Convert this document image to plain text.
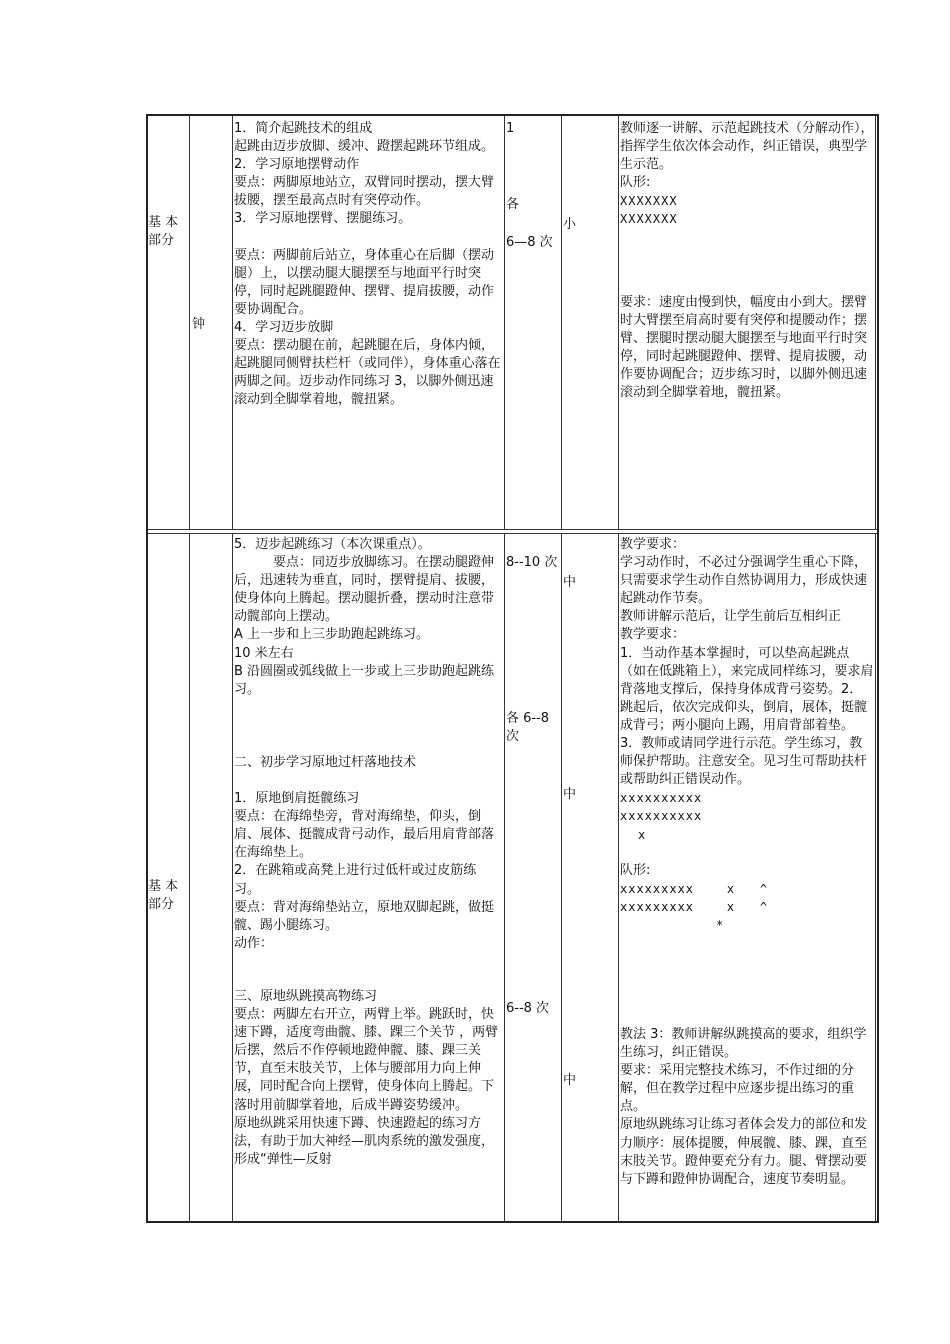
基 本

部分

钟

1．简介起跳技术的组成

起跳由迈步放脚、缓冲、蹬摆起跳环节组成。

2．学习原地摆臂动作

要点：两脚原地站立，双臂同时摆动，摆大臂拔腰，摆至最高点时有突停动作。

3．学习原地摆臂、摆腿练习。

要点：两脚前后站立，身体重心在后脚（摆动腿）上，以摆动腿大腿摆至与地面平行时突停，同时起跳腿蹬伸、摆臂、提肩拔腰，动作要协调配合。

4．学习迈步放脚

要点：摆动腿在前，起跳腿在后，身体内倾，起跳腿同侧臂扶栏杆（或同伴），身体重心落在两脚之间。迈步动作同练习 3，以脚外侧迅速滚动到全脚掌着地，髋扭紧。

1
各
6—8 次
小

教师逐一讲解、示范起跳技术（分解动作），指挥学生依次体会动作，纠正错误，典型学生示范。

队形:

XXXXXXX

XXXXXXX

要求：速度由慢到快，幅度由小到大。摆臂时大臂摆至肩高时要有突停和提腰动作；摆臂、摆腿时摆动腿大腿摆至与地面平行时突停，同时起跳腿蹬伸、摆臂、提肩拔腰，动作要协调配合；迈步练习时，以脚外侧迅速滚动到全脚掌着地，髋扭紧。

基 本

部分

5．迈步起跳练习（本次课重点）。

要点：同迈步放脚练习。在摆动腿蹬伸后，迅速转为垂直，同时，摆臂提肩、拔腰，使身体向上腾起。摆动腿折叠，摆动时注意带动髋部向上摆动。

A 上一步和上三步助跑起跳练习。

10 米左右

B 沿圆圈或弧线做上一步或上三步助跑起跳练习。

二、初步学习原地过杆落地技术

1．原地倒肩挺髋练习

要点：在海绵垫旁，背对海绵垫，仰头，倒肩、展体、挺髋成背弓动作，最后用肩背部落在海绵垫上。

2．在跳箱或高凳上进行过低杆或过皮筋练习。

要点：背对海绵垫站立，原地双脚起跳，做挺髋、踢小腿练习。

动作：

三、原地纵跳摸高物练习

要点：两脚左右开立，两臂上举。跳跃时，快速下蹲，适度弯曲髋、膝、踝三个关节 ，两臂后摆，然后不作停顿地蹬伸髋、膝、踝三关节，直至末肢关节，上体与腰部用力向上伸展，同时配合向上摆臂，使身体向上腾起。下落时用前脚掌着地，后成半蹲姿势缓冲。

原地纵跳采用快速下蹲、快速蹬起的练习方法，有助于加大神经—肌肉系统的激发强度，形成“弹性—反射

8--10 次

各 6--8

次

6--8 次
中
中
中

教学要求：

学习动作时，不必过分强调学生重心下降，只需要求学生动作自然协调用力，形成快速起跳动作节奏。

教师讲解示范后，让学生前后互相纠正

教学要求：

1．当动作基本掌握时，可以垫高起跳点（如在低跳箱上），来完成同样练习，要求肩背落地支撑后，保持身体成背弓姿势。2．跳起后，依次完成仰头，倒肩，展体，挺髋成背弓；两小腿向上踢，用肩背部着垫。3．教师或请同学进行示范。学生练习，教师保护帮助。注意安全。见习生可帮助扶杆或帮助纠正错误动作。

xxxxxxxxxx

xxxxxxxxxx

x

队形:

xxxxxxxxx    x   ^

xxxxxxxxx    x   ^

*

教法 3：教师讲解纵跳摸高的要求，组织学生练习，纠正错误。

要求：采用完整技术练习，不作过细的分解，但在教学过程中应逐步提出练习的重点。

原地纵跳练习让练习者体会发力的部位和发力顺序：展体提腰，伸展髋、膝、踝，直至末肢关节。蹬伸要充分有力。腿、臂摆动要与下蹲和蹬伸协调配合，速度节奏明显。
